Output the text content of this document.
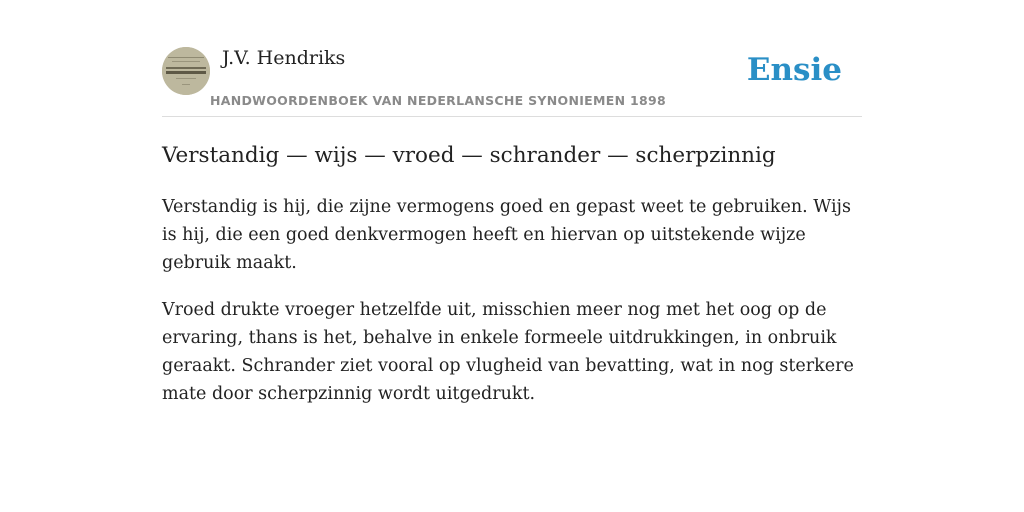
J.V. Hendriks
HANDWOORDENBOEK VAN NEDERLANSCHE SYNONIEMEN 1898
Ensie
Verstandig — wijs — vroed — schrander — scherpzinnig

Verstandig is hij, die zijne vermogens goed en gepast weet te gebruiken. Wijs is hij, die een goed denkvermogen heeft en hiervan op uitstekende wijze gebruik maakt.

Vroed drukte vroeger hetzelfde uit, misschien meer nog met het oog op de ervaring, thans is het, behalve in enkele formeele uitdrukkingen, in onbruik geraakt. Schrander ziet vooral op vlugheid van bevatting, wat in nog sterkere mate door scherpzinnig wordt uitgedrukt.
